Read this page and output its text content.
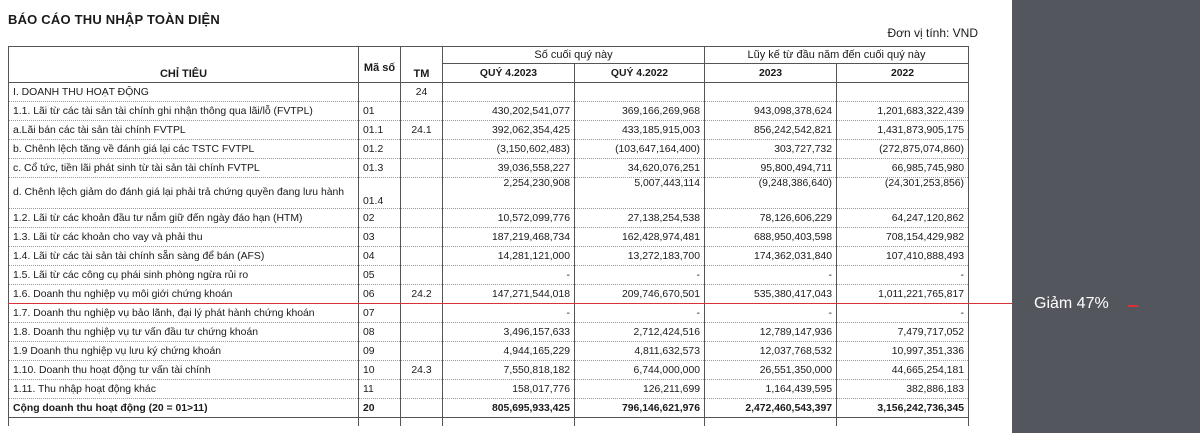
BÁO CÁO THU NHẬP TOÀN DIỆN
Đơn vị tính: VND
CHỈ TIÊU	Mã số	TM	Số cuối quý này		Lũy kế từ đầu năm đến cuối quý này	
			QUÝ 4.2023	QUÝ 4.2022	2023	2022
I. DOANH THU HOẠT ĐỘNG		24				
1.1. Lãi từ các tài sản tài chính ghi nhận thông qua lãi/lỗ (FVTPL)	01		430,202,541,077	369,166,269,968	943,098,378,624	1,201,683,322,439
a.Lãi bán các tài sản tài chính FVTPL	01.1	24.1	392,062,354,425	433,185,915,003	856,242,542,821	1,431,873,905,175
b. Chênh lệch tăng về đánh giá lại các TSTC FVTPL	01.2		(3,150,602,483)	(103,647,164,400)	303,727,732	(272,875,074,860)
c. Cổ tức, tiền lãi phát sinh từ tài sản tài chính FVTPL	01.3		39,036,558,227	34,620,076,251	95,800,494,711	66,985,745,980
d. Chênh lệch giảm do đánh giá lại phải trả chứng quyền đang lưu hành	01.4		2,254,230,908	5,007,443,114	(9,248,386,640)	(24,301,253,856)
1.2. Lãi từ các khoản đầu tư nắm giữ đến ngày đáo hạn (HTM)	02		10,572,099,776	27,138,254,538	78,126,606,229	64,247,120,862
1.3. Lãi từ các khoản cho vay và phải thu	03		187,219,468,734	162,428,974,481	688,950,403,598	708,154,429,982
1.4. Lãi từ các tài sản tài chính sẵn sàng để bán (AFS)	04		14,281,121,000	13,272,183,700	174,362,031,840	107,410,888,493
1.5. Lãi từ các công cụ phái sinh phòng ngừa rủi ro	05		-	-	-	-
1.6. Doanh thu nghiệp vụ môi giới chứng khoán	06	24.2	147,271,544,018	209,746,670,501	535,380,417,043	1,011,221,765,817
1.7. Doanh thu nghiệp vụ bảo lãnh, đại lý phát hành chứng khoán	07		-	-	-	-
1.8. Doanh thu nghiệp vụ tư vấn đầu tư chứng khoán	08		3,496,157,633	2,712,424,516	12,789,147,936	7,479,717,052
1.9 Doanh thu nghiệp vụ lưu ký chứng khoán	09		4,944,165,229	4,811,632,573	12,037,768,532	10,997,351,336
1.10. Doanh thu hoạt động tư vấn tài chính	10	24.3	7,550,818,182	6,744,000,000	26,551,350,000	44,665,254,181
1.11. Thu nhập hoạt động khác	11		158,017,776	126,211,699	1,164,439,595	382,886,183
Cộng doanh thu hoạt động (20 = 01>11)	20		805,695,933,425	796,146,621,976	2,472,460,543,397	3,156,242,736,345

Giảm 47%
